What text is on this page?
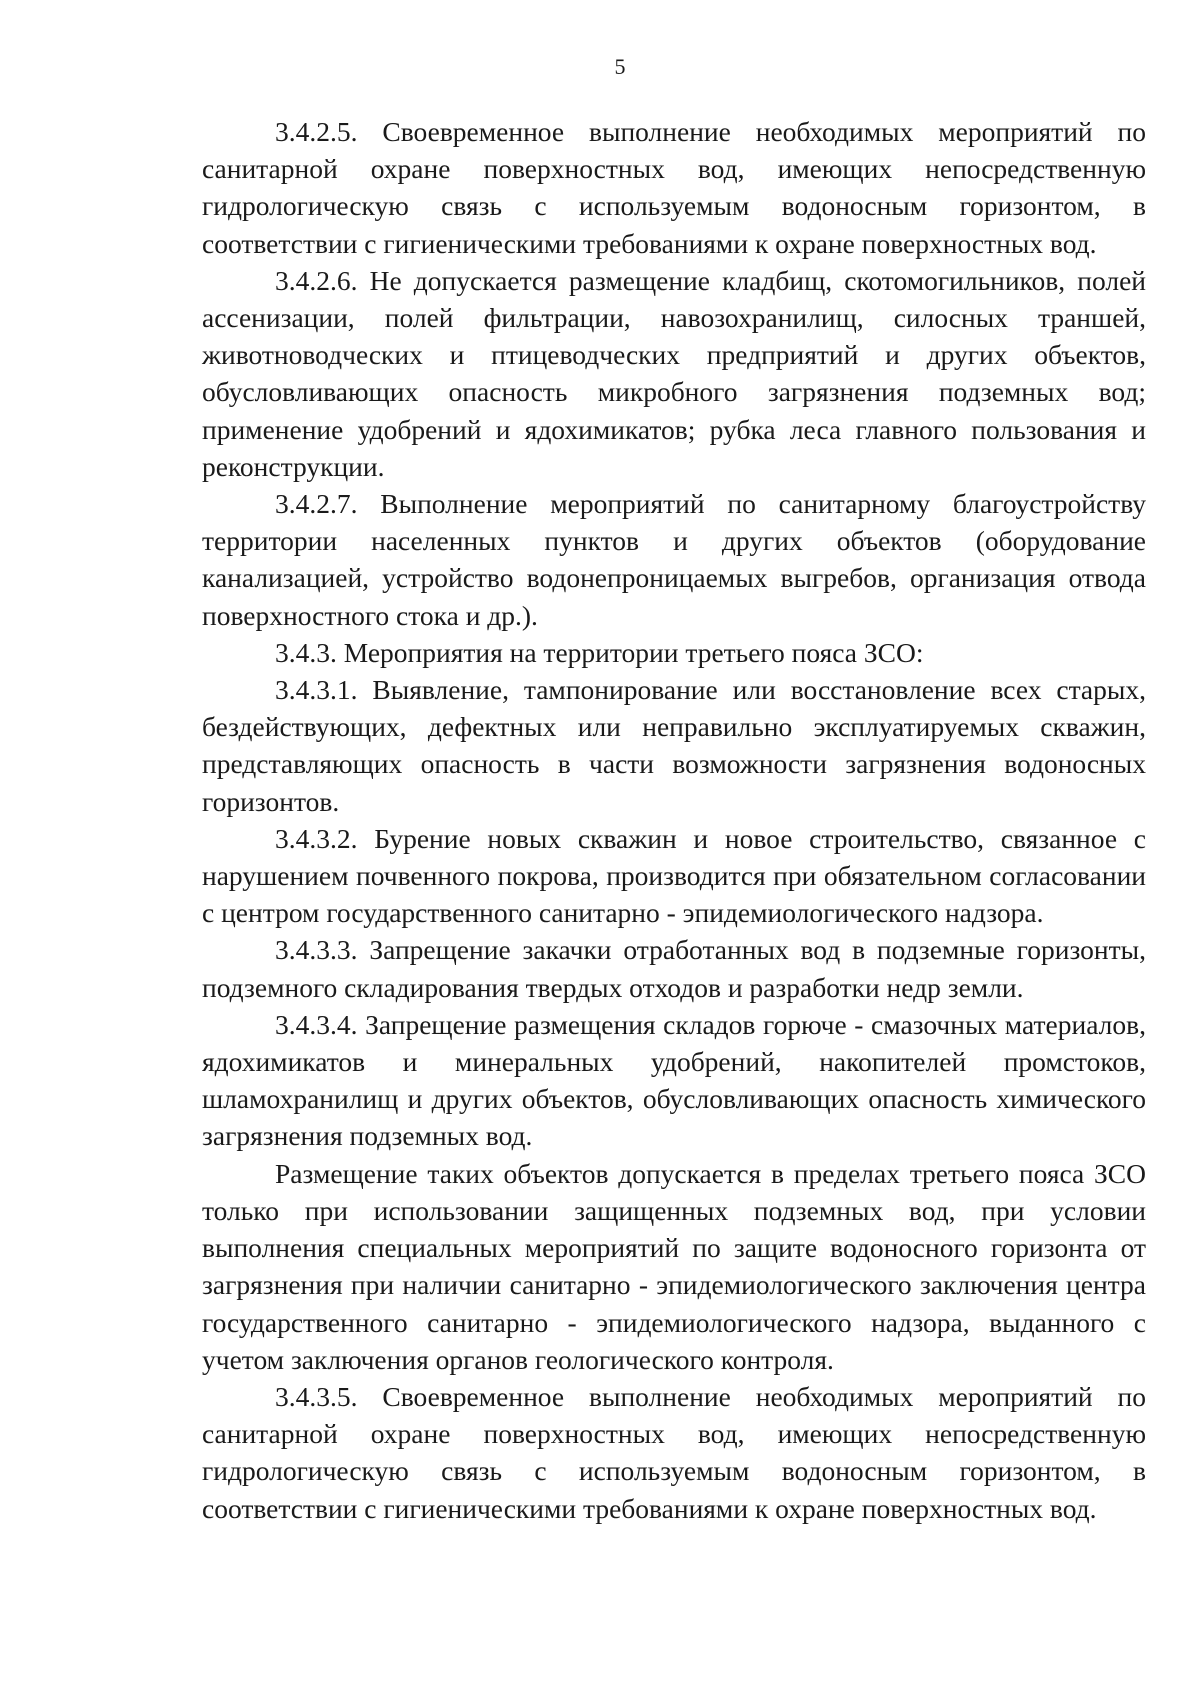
5

3.4.2.5. Своевременное выполнение необходимых мероприятий по санитарной охране поверхностных вод, имеющих непосредственную гидрологическую связь с используемым водоносным горизонтом, в соответствии с гигиеническими требованиями к охране поверхностных вод.

3.4.2.6. Не допускается размещение кладбищ, скотомогильников, полей ассенизации, полей фильтрации, навозохранилищ, силосных траншей, животноводческих и птицеводческих предприятий и других объектов, обусловливающих опасность микробного загрязнения подземных вод; применение удобрений и ядохимикатов; рубка леса главного пользования и реконструкции.

3.4.2.7. Выполнение мероприятий по санитарному благоустройству территории населенных пунктов и других объектов (оборудование канализацией, устройство водонепроницаемых выгребов, организация отвода поверхностного стока и др.).

3.4.3. Мероприятия на территории третьего пояса ЗСО:

3.4.3.1. Выявление, тампонирование или восстановление всех старых, бездействующих, дефектных или неправильно эксплуатируемых скважин, представляющих опасность в части возможности загрязнения водоносных горизонтов.

3.4.3.2. Бурение новых скважин и новое строительство, связанное с нарушением почвенного покрова, производится при обязательном согласовании с центром государственного санитарно - эпидемиологического надзора.

3.4.3.3. Запрещение закачки отработанных вод в подземные горизонты, подземного складирования твердых отходов и разработки недр земли.

3.4.3.4. Запрещение размещения складов горюче - смазочных материалов, ядохимикатов и минеральных удобрений, накопителей промстоков, шламохранилищ и других объектов, обусловливающих опасность химического загрязнения подземных вод.

Размещение таких объектов допускается в пределах третьего пояса ЗСО только при использовании защищенных подземных вод, при условии выполнения специальных мероприятий по защите водоносного горизонта от загрязнения при наличии санитарно - эпидемиологического заключения центра государственного санитарно - эпидемиологического надзора, выданного с учетом заключения органов геологического контроля.

3.4.3.5. Своевременное выполнение необходимых мероприятий по санитарной охране поверхностных вод, имеющих непосредственную гидрологическую связь с используемым водоносным горизонтом, в соответствии с гигиеническими требованиями к охране поверхностных вод.
